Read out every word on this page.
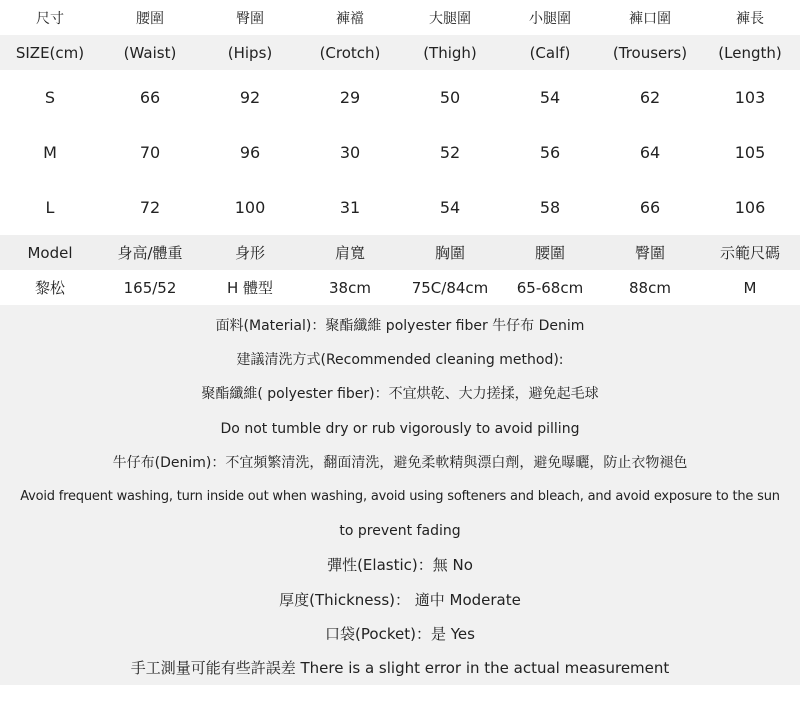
尺寸	腰圍	臀圍	褲襠	大腿圍	小腿圍	褲口圍	褲長
SIZE(cm)	(Waist)	(Hips)	(Crotch)	(Thigh)	(Calf)	(Trousers)	(Length)
S	66	92	29	50	54	62	103
M	70	96	30	52	56	64	105
L	72	100	31	54	58	66	106
Model	身高/體重	身形	肩寬	胸圍	腰圍	臀圍	示範尺碼
黎松	165/52	H 體型	38cm	75C/84cm	65-68cm	88cm	M
面料(Material)：聚酯纖維 polyester fiber 牛仔布 Denim
建議清洗方式(Recommended cleaning method):
聚酯纖維( polyester fiber)：不宜烘乾、大力搓揉，避免起毛球
Do not tumble dry or rub vigorously to avoid pilling
牛仔布(Denim)：不宜頻繁清洗，翻面清洗，避免柔軟精與漂白劑，避免曝曬，防止衣物褪色
Avoid frequent washing, turn inside out when washing, avoid using softeners and bleach, and avoid exposure to the sun
to prevent fading
彈性(Elastic)：無 No
厚度(Thickness)： 適中 Moderate
口袋(Pocket)：是 Yes
手工測量可能有些許誤差 There is a slight error in the actual measurement
